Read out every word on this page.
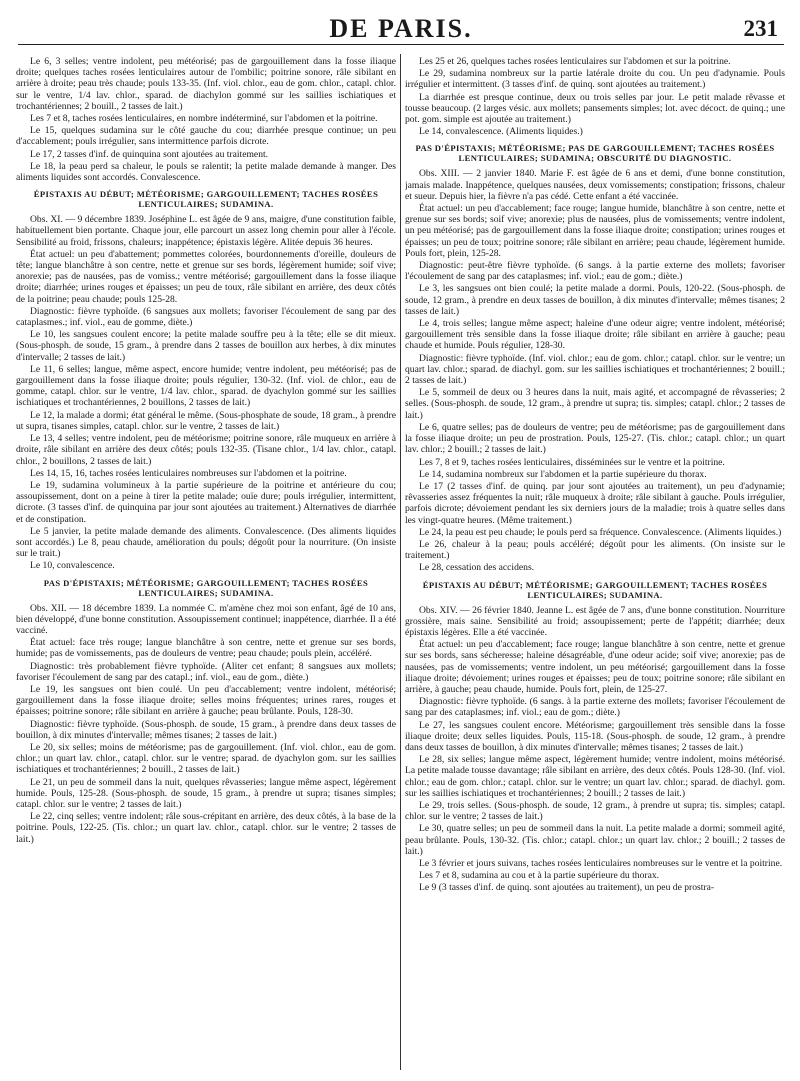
DE PARIS.	231

Le 6, 3 selles; ventre indolent, peu météorisé; pas de gargouillement dans la fosse iliaque droite; quelques taches rosées lenticulaires autour de l'ombilic; poitrine sonore, râle sibilant en arrière à droite; peau très chaude; pouls 133-35. (Inf. viol. chlor., eau de gom. chlor., catapl. chlor. sur le ventre, 1/4 lav. chlor., sparad. de diachylon gommé sur les saillies ischiatiques et trochantériennes; 2 bouill., 2 tasses de lait.)

Les 7 et 8, taches rosées lenticulaires, en nombre indéterminé, sur l'abdomen et la poitrine.

Le 15, quelques sudamina sur le côté gauche du cou; diarrhée presque continue; un peu d'accablement; pouls irrégulier, sans intermittence parfois dicrote.

Le 17, 2 tasses d'inf. de quinquina sont ajoutées au traitement.

Le 18, la peau perd sa chaleur, le pouls se ralentit; la petite malade demande à manger. Des aliments liquides sont accordés. Convalescence.

ÉPISTAXIS AU DÉBUT; MÉTÉORISME; GARGOUILLEMENT; TACHES ROSÉES LENTICULAIRES; SUDAMINA.

Obs. XI. — 9 décembre 1839. Joséphine L. est âgée de 9 ans, maigre, d'une constitution faible, habituellement bien portante. Chaque jour, elle parcourt un assez long chemin pour aller à l'école. Sensibilité au froid, frissons, chaleurs; inappétence; épistaxis légère. Alitée depuis 36 heures.

État actuel: un peu d'abattement; pommettes colorées, bourdonnements d'oreille, douleurs de tête; langue blanchâtre à son centre, nette et grenue sur ses bords, légèrement humide; soif vive; anorexie; pas de nausées, pas de vomiss.; ventre météorisé; gargouillement dans la fosse iliaque droite; diarrhée; urines rouges et épaisses; un peu de toux, râle sibilant en arrière, des deux côtés de la poitrine; peau chaude; pouls 125-28.

Diagnostic: fièvre typhoïde. (6 sangsues aux mollets; favoriser l'écoulement de sang par des cataplasmes.; inf. viol., eau de gomme, diète.)

Le 10, les sangsues coulent encore; la petite malade souffre peu à la tête; elle se dit mieux. (Sous-phosph. de soude, 15 gram., à prendre dans 2 tasses de bouillon aux herbes, à dix minutes d'intervalle; 2 tasses de lait.)

Le 11, 6 selles; langue, même aspect, encore humide; ventre indolent, peu météorisé; pas de gargouillement dans la fosse iliaque droite; pouls régulier, 130-32. (Inf. viol. de chlor., eau de gomme, catapl. chlor. sur le ventre, 1/4 lav. chlor., sparad. de dyachylon gommé sur les saillies ischiatiques et trochantériennes, 2 bouillons, 2 tasses de lait.)

Le 12, la malade a dormi; état général le même. (Sous-phosphate de soude, 18 gram., à prendre ut supra, tisanes simples, catapl. chlor. sur le ventre, 2 tasses de lait.)

Le 13, 4 selles; ventre indolent, peu de météorisme; poitrine sonore, râle muqueux en arrière à droite, râle sibilant en arrière des deux côtés; pouls 132-35. (Tisane chlor., 1/4 lav. chlor., catapl. chlor., 2 bouillons, 2 tasses de lait.)

Les 14, 15, 16, taches rosées lenticulaires nombreuses sur l'abdomen et la poitrine.

Le 19, sudamina volumineux à la partie supérieure de la poitrine et antérieure du cou; assoupissement, dont on a peine à tirer la petite malade; ouïe dure; pouls irrégulier, intermittent, dicrote. (3 tasses d'inf. de quinquina par jour sont ajoutées au traitement.) Alternatives de diarrhée et de constipation.

Le 5 janvier, la petite malade demande des aliments. Convalescence. (Des aliments liquides sont accordés.) Le 8, peau chaude, amélioration du pouls; dégoût pour la nourriture. (On insiste sur le trait.)

Le 10, convalescence.

PAS D'ÉPISTAXIS; MÉTÉORISME; GARGOUILLEMENT; TACHES ROSÉES LENTICULAIRES; SUDAMINA.

Obs. XII. — 18 décembre 1839. La nommée C. m'amène chez moi son enfant, âgé de 10 ans, bien développé, d'une bonne constitution. Assoupissement continuel; inappétence, diarrhée. Il a été vacciné.

État actuel: face très rouge; langue blanchâtre à son centre, nette et grenue sur ses bords, humide; pas de vomissements, pas de douleurs de ventre; peau chaude; pouls plein, accéléré.

Diagnostic: très probablement fièvre typhoïde. (Aliter cet enfant; 8 sangsues aux mollets; favoriser l'écoulement de sang par des catapl.; inf. viol., eau de gom., diète.)

Le 19, les sangsues ont bien coulé. Un peu d'accablement; ventre indolent, météorisé; gargouillement dans la fosse iliaque droite; selles moins fréquentes; urines rares, rouges et épaisses; poitrine sonore; râle sibilant en arrière à gauche; peau brûlante. Pouls, 128-30.

Diagnostic: fièvre typhoïde. (Sous-phosph. de soude, 15 gram., à prendre dans deux tasses de bouillon, à dix minutes d'intervalle; mêmes tisanes; 2 tasses de lait.)

Le 20, six selles; moins de météorisme; pas de gargouillement. (Inf. viol. chlor., eau de gom. chlor.; un quart lav. chlor., catapl. chlor. sur le ventre; sparad. de dyachylon gom. sur les saillies ischiatiques et trochantériennes; 2 bouill., 2 tasses de lait.)

Le 21, un peu de sommeil dans la nuit, quelques rêvasseries; langue même aspect, légèrement humide. Pouls, 125-28. (Sous-phosph. de soude, 15 gram., à prendre ut supra; tisanes simples; catapl. chlor. sur le ventre; 2 tasses de lait.)

Le 22, cinq selles; ventre indolent; râle sous-crépitant en arrière, des deux côtés, à la base de la poitrine. Pouls, 122-25. (Tis. chlor.; un quart lav. chlor., catapl. chlor. sur le ventre; 2 tasses de lait.)

Les 25 et 26, quelques taches rosées lenticulaires sur l'abdomen et sur la poitrine.

Le 29, sudamina nombreux sur la partie latérale droite du cou. Un peu d'adynamie. Pouls irrégulier et intermittent. (3 tasses d'inf. de quinq. sont ajoutées au traitement.)

La diarrhée est presque continue, deux ou trois selles par jour. Le petit malade rêvasse et tousse beaucoup. (2 larges vésic. aux mollets; pansements simples; lot. avec décoct. de quinq.; une pot. gom. simple est ajoutée au traitement.)

Le 14, convalescence. (Aliments liquides.)

PAS D'ÉPISTAXIS; MÉTÉORISME; PAS DE GARGOUILLEMENT; TACHES ROSÉES LENTICULAIRES; SUDAMINA; OBSCURITÉ DU DIAGNOSTIC.

Obs. XIII. — 2 janvier 1840. Marie F. est âgée de 6 ans et demi, d'une bonne constitution, jamais malade. Inappétence, quelques nausées, deux vomissements; constipation; frissons, chaleur et sueur. Depuis hier, la fièvre n'a pas cédé. Cette enfant a été vaccinée.

État actuel: un peu d'accablement; face rouge; langue humide, blanchâtre à son centre, nette et grenue sur ses bords; soif vive; anorexie; plus de nausées, plus de vomissements; ventre indolent, un peu météorisé; pas de gargouillement dans la fosse iliaque droite; constipation; urines rouges et épaisses; un peu de toux; poitrine sonore; râle sibilant en arrière; peau chaude, légèrement humide. Pouls fort, plein, 125-28.

Diagnostic: peut-être fièvre typhoïde. (6 sangs. à la partie externe des mollets; favoriser l'écoulement de sang par des cataplasmes; inf. viol.; eau de gom.; diète.)

Le 3, les sangsues ont bien coulé; la petite malade a dormi. Pouls, 120-22. (Sous-phosph. de soude, 12 gram., à prendre en deux tasses de bouillon, à dix minutes d'intervalle; mêmes tisanes; 2 tasses de lait.)

Le 4, trois selles; langue même aspect; haleine d'une odeur aigre; ventre indolent, météorisé; gargouillement très sensible dans la fosse iliaque droite; râle sibilant en arrière à gauche; peau chaude et humide. Pouls régulier, 128-30.

Diagnostic: fièvre typhoïde. (Inf. viol. chlor.; eau de gom. chlor.; catapl. chlor. sur le ventre; un quart lav. chlor.; sparad. de diachyl. gom. sur les saillies ischiatiques et trochantériennes; 2 bouill.; 2 tasses de lait.)

Le 5, sommeil de deux ou 3 heures dans la nuit, mais agité, et accompagné de rêvasseries; 2 selles. (Sous-phosph. de soude, 12 gram., à prendre ut supra; tis. simples; catapl. chlor.; 2 tasses de lait.)

Le 6, quatre selles; pas de douleurs de ventre; peu de météorisme; pas de gargouillement dans la fosse iliaque droite; un peu de prostration. Pouls, 125-27. (Tis. chlor.; catapl. chlor.; un quart lav. chlor.; 2 bouill.; 2 tasses de lait.)

Les 7, 8 et 9, taches rosées lenticulaires, disséminées sur le ventre et la poitrine.

Le 14, sudamina nombreux sur l'abdomen et la partie supérieure du thorax.

Le 17 (2 tasses d'inf. de quinq. par jour sont ajoutées au traitement), un peu d'adynamie; rêvasseries assez fréquentes la nuit; râle muqueux à droite; râle sibilant à gauche. Pouls irrégulier, parfois dicrote; dévoiement pendant les six derniers jours de la maladie; trois à quatre selles dans les vingt-quatre heures. (Même traitement.)

Le 24, la peau est peu chaude; le pouls perd sa fréquence. Convalescence. (Aliments liquides.)

Le 26, chaleur à la peau; pouls accéléré; dégoût pour les aliments. (On insiste sur le traitement.)

Le 28, cessation des accidens.

ÉPISTAXIS AU DÉBUT; MÉTÉORISME; GARGOUILLEMENT; TACHES ROSÉES LENTICULAIRES; SUDAMINA.

Obs. XIV. — 26 février 1840. Jeanne L. est âgée de 7 ans, d'une bonne constitution. Nourriture grossière, mais saine. Sensibilité au froid; assoupissement; perte de l'appétit; diarrhée; deux épistaxis légères. Elle a été vaccinée.

État actuel: un peu d'accablement; face rouge; langue blanchâtre à son centre, nette et grenue sur ses bords, sans sécheresse; haleine désagréable, d'une odeur acide; soif vive; anorexie; pas de nausées, pas de vomissements; ventre indolent, un peu météorisé; gargouillement dans la fosse iliaque droite; dévoiement; urines rouges et épaisses; peu de toux; poitrine sonore; râle sibilant en arrière, à gauche; peau chaude, humide. Pouls fort, plein, de 125-27.

Diagnostic: fièvre typhoïde. (6 sangs. à la partie externe des mollets; favoriser l'écoulement de sang par des cataplasmes; inf. viol.; eau de gom.; diète.)

Le 27, les sangsues coulent encore. Météorisme; gargouillement très sensible dans la fosse iliaque droite; deux selles liquides. Pouls, 115-18. (Sous-phosph. de soude, 12 gram., à prendre dans deux tasses de bouillon, à dix minutes d'intervalle; mêmes tisanes; 2 tasses de lait.)

Le 28, six selles; langue même aspect, légèrement humide; ventre indolent, moins météorisé. La petite malade tousse davantage; râle sibilant en arrière, des deux côtés. Pouls 128-30. (Inf. viol. chlor.; eau de gom. chlor.; catapl. chlor. sur le ventre; un quart lav. chlor.; sparad. de diachyl. gom. sur les saillies ischiatiques et trochantériennes; 2 bouill.; 2 tasses de lait.)

Le 29, trois selles. (Sous-phosph. de soude, 12 gram., à prendre ut supra; tis. simples; catapl. chlor. sur le ventre; 2 tasses de lait.)

Le 30, quatre selles; un peu de sommeil dans la nuit. La petite malade a dormi; sommeil agité, peau brûlante. Pouls, 130-32. (Tis. chlor.; catapl. chlor.; un quart lav. chlor.; 2 bouill.; 2 tasses de lait.)

Le 3 février et jours suivans, taches rosées lenticulaires nombreuses sur le ventre et la poitrine.

Les 7 et 8, sudamina au cou et à la partie supérieure du thorax.

Le 9 (3 tasses d'inf. de quinq. sont ajoutées au traitement), un peu de prostra-
